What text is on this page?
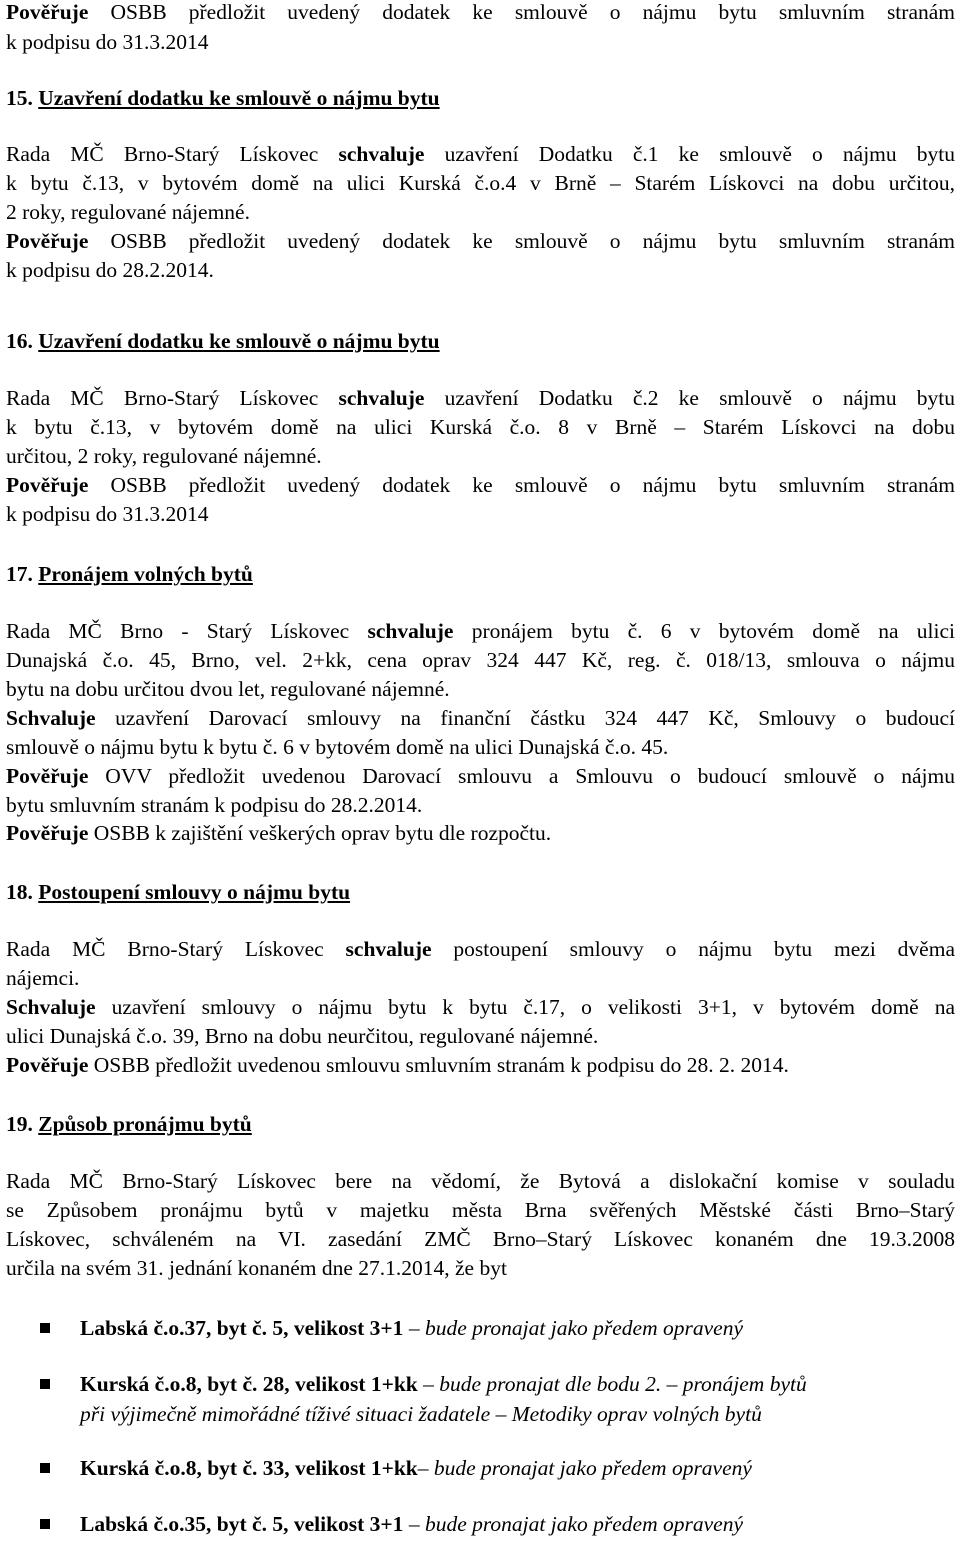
Pověřuje OSBB předložit uvedený dodatek ke smlouvě o nájmu bytu smluvním stranám
k podpisu do 31.3.2014
15. Uzavření dodatku ke smlouvě o nájmu bytu
Rada MČ Brno-Starý Lískovec schvaluje uzavření Dodatku č.1 ke smlouvě o nájmu bytu
k bytu č.13, v bytovém domě na ulici Kurská č.o.4 v Brně – Starém Lískovci na dobu určitou,
2 roky, regulované nájemné.
Pověřuje OSBB předložit uvedený dodatek ke smlouvě o nájmu bytu smluvním stranám
k podpisu do 28.2.2014.
16. Uzavření dodatku ke smlouvě o nájmu bytu
Rada MČ Brno-Starý Lískovec schvaluje uzavření Dodatku č.2 ke smlouvě o nájmu bytu
k bytu č.13, v bytovém domě na ulici Kurská č.o. 8 v Brně – Starém Lískovci na dobu
určitou, 2 roky, regulované nájemné.
Pověřuje OSBB předložit uvedený dodatek ke smlouvě o nájmu bytu smluvním stranám
k podpisu do 31.3.2014
17. Pronájem volných bytů
Rada MČ Brno - Starý Lískovec schvaluje pronájem bytu č. 6 v bytovém domě na ulici
Dunajská č.o. 45, Brno, vel. 2+kk, cena oprav 324 447 Kč, reg. č. 018/13, smlouva o nájmu
bytu na dobu určitou dvou let, regulované nájemné.
Schvaluje uzavření Darovací smlouvy na finanční částku 324 447 Kč, Smlouvy o budoucí
smlouvě o nájmu bytu k bytu č. 6 v bytovém domě na ulici Dunajská č.o. 45.
Pověřuje OVV předložit uvedenou Darovací smlouvu a Smlouvu o budoucí smlouvě o nájmu
bytu smluvním stranám k podpisu do 28.2.2014.
Pověřuje OSBB k zajištění veškerých oprav bytu dle rozpočtu.
18. Postoupení smlouvy o nájmu bytu
Rada MČ Brno-Starý Lískovec schvaluje postoupení smlouvy o nájmu bytu mezi dvěma
nájemci.
Schvaluje uzavření smlouvy o nájmu bytu k bytu č.17, o velikosti 3+1, v bytovém domě na
ulici Dunajská č.o. 39, Brno na dobu neurčitou, regulované nájemné.
Pověřuje OSBB předložit uvedenou smlouvu smluvním stranám k podpisu do 28. 2. 2014.
19. Způsob pronájmu bytů
Rada MČ Brno-Starý Lískovec bere na vědomí, že Bytová a dislokační komise v souladu
se Způsobem pronájmu bytů v majetku města Brna svěřených Městské části Brno–Starý
Lískovec, schváleném na VI. zasedání ZMČ Brno–Starý Lískovec konaném dne 19.3.2008
určila na svém 31. jednání konaném dne 27.1.2014, že byt
Labská č.o.37, byt č. 5, velikost 3+1 – bude pronajat jako předem opravený
Kurská č.o.8, byt č. 28, velikost 1+kk – bude pronajat dle bodu 2. – pronájem bytů
při výjimečně mimořádné tíživé situaci žadatele – Metodiky oprav volných bytů
Kurská č.o.8, byt č. 33, velikost 1+kk– bude pronajat jako předem opravený
Labská č.o.35, byt č. 5, velikost 3+1 – bude pronajat jako předem opravený
